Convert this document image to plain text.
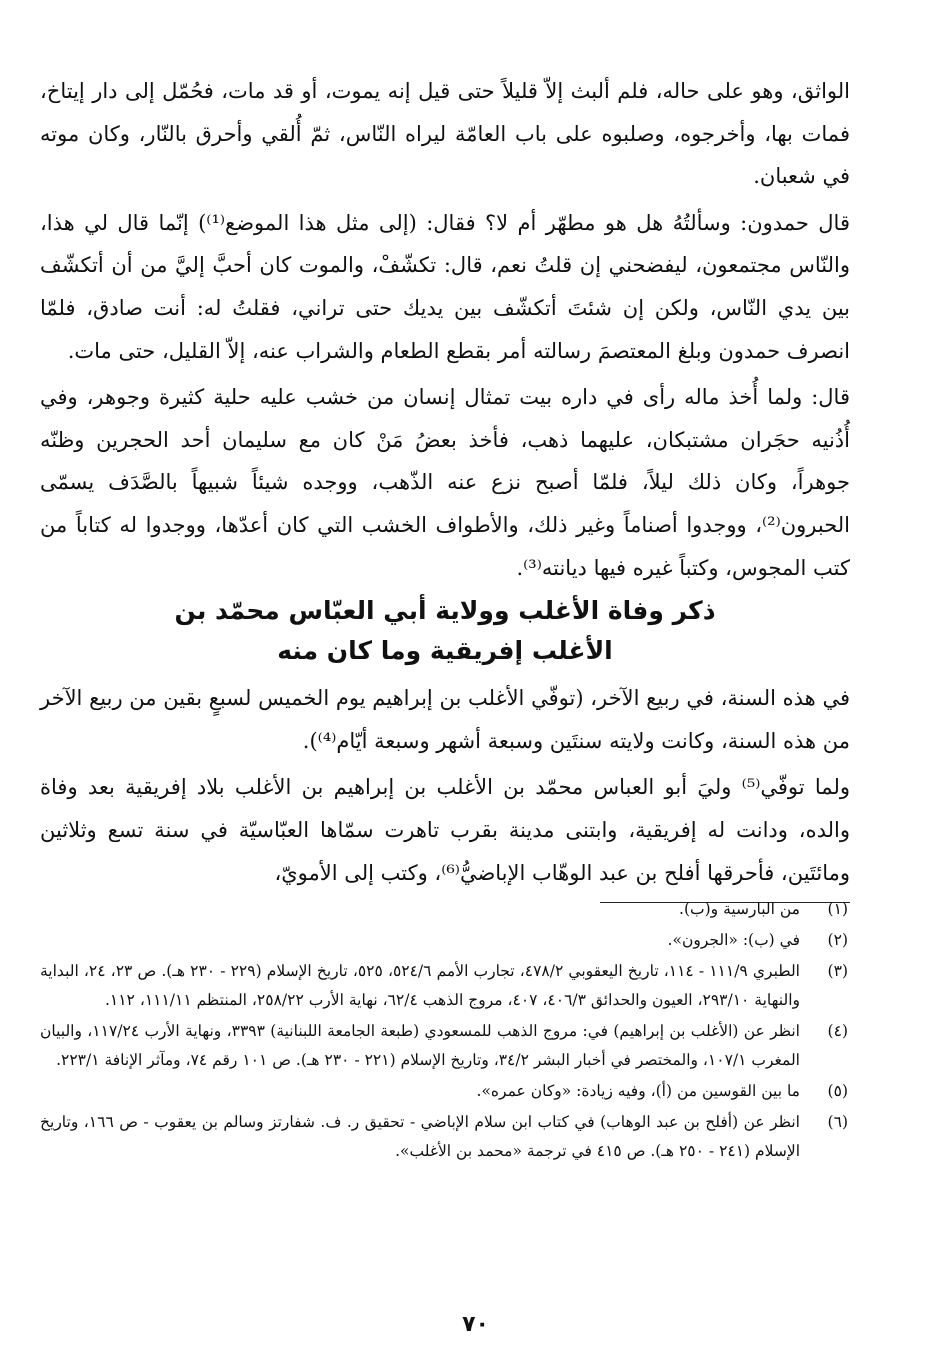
الواثق، وهو على حاله، فلم ألبث إلاّ قليلاً حتى قيل إنه يموت، أو قد مات، فحُمّل إلى دار إيتاخ، فمات بها، وأخرجوه، وصلبوه على باب العامّة ليراه النّاس، ثمّ أُلقي وأحرق بالنّار، وكان موته في شعبان.

قال حمدون: وسألتُهُ هل هو مطهّر أم لا؟ فقال: (إلى مثل هذا الموضع⁽¹⁾) إنّما قال لي هذا، والنّاس مجتمعون، ليفضحني إن قلتُ نعم، قال: تكشّفْ، والموت كان أحبَّ إليَّ من أن أتكشّف بين يدي النّاس، ولكن إن شئتَ أتكشّف بين يديك حتى تراني، فقلتُ له: أنت صادق، فلمّا انصرف حمدون وبلغ المعتصمَ رسالته أمر بقطع الطعام والشراب عنه، إلاّ القليل، حتى مات.

قال: ولما أُخذ ماله رأى في داره بيت تمثال إنسان من خشب عليه حلية كثيرة وجوهر، وفي أُذُنيه حجَران مشتبكان، عليهما ذهب، فأخذ بعضُ مَنْ كان مع سليمان أحد الحجرين وظنّه جوهراً، وكان ذلك ليلاً، فلمّا أصبح نزع عنه الذّهب، ووجده شيئاً شبيهاً بالصَّدَف يسمّى الحبرون⁽²⁾، ووجدوا أصناماً وغير ذلك، والأطواف الخشب التي كان أعدّها، ووجدوا له كتاباً من كتب المجوس، وكتباً غيره فيها ديانته⁽³⁾.

ذكر وفاة الأغلب وولاية أبي العبّاس محمّد بن
الأغلب إفريقية وما كان منه

في هذه السنة، في ربيع الآخر، (توفّي الأغلب بن إبراهيم يوم الخميس لسبعٍ بقين من ربيع الآخر من هذه السنة، وكانت ولايته سنتَين وسبعة أشهر وسبعة أيّام⁽⁴⁾).

ولما توفّي⁽⁵⁾ وليَ أبو العباس محمّد بن الأغلب بن إبراهيم بن الأغلب بلاد إفريقية بعد وفاة والده، ودانت له إفريقية، وابتنى مدينة بقرب تاهرت سمّاها العبّاسيّة في سنة تسع وثلاثين ومائتَين، فأحرقها أفلح بن عبد الوهّاب الإباضيُّ⁽⁶⁾، وكتب إلى الأمويّ،

(١)
من البارسية و(ب).
(٢)
في (ب): «الجرون».
(٣)
الطبري ١١١/٩ - ١١٤، تاريخ اليعقوبي ٤٧٨/٢، تجارب الأمم ٥٢٤/٦، ٥٢٥، تاريخ الإسلام (٢٢٩ - ٢٣٠ هـ). ص ٢٣، ٢٤، البداية والنهاية ٢٩٣/١٠، العيون والحدائق ٤٠٦/٣، ٤٠٧، مروج الذهب ٦٢/٤، نهاية الأرب ٢٥٨/٢٢، المنتظم ١١١/١١، ١١٢.
(٤)
انظر عن (الأغلب بن إبراهيم) في: مروج الذهب للمسعودي (طبعة الجامعة اللبنانية) ٣٣٩٣، ونهاية الأرب ١١٧/٢٤، والبيان المغرب ١٠٧/١، والمختصر في أخبار البشر ٣٤/٢، وتاريخ الإسلام (٢٢١ - ٢٣٠ هـ). ص ١٠١ رقم ٧٤، ومآثر الإنافة ٢٢٣/١.
(٥)
ما بين القوسين من (أ)، وفيه زيادة: «وكان عمره».
(٦)
انظر عن (أفلح بن عبد الوهاب) في كتاب ابن سلام الإباضي - تحقيق ر. ف. شفارتز وسالم بن يعقوب - ص ١٦٦، وتاريخ الإسلام (٢٤١ - ٢٥٠ هـ). ص ٤١٥ في ترجمة «محمد بن الأغلب».
٧٠
